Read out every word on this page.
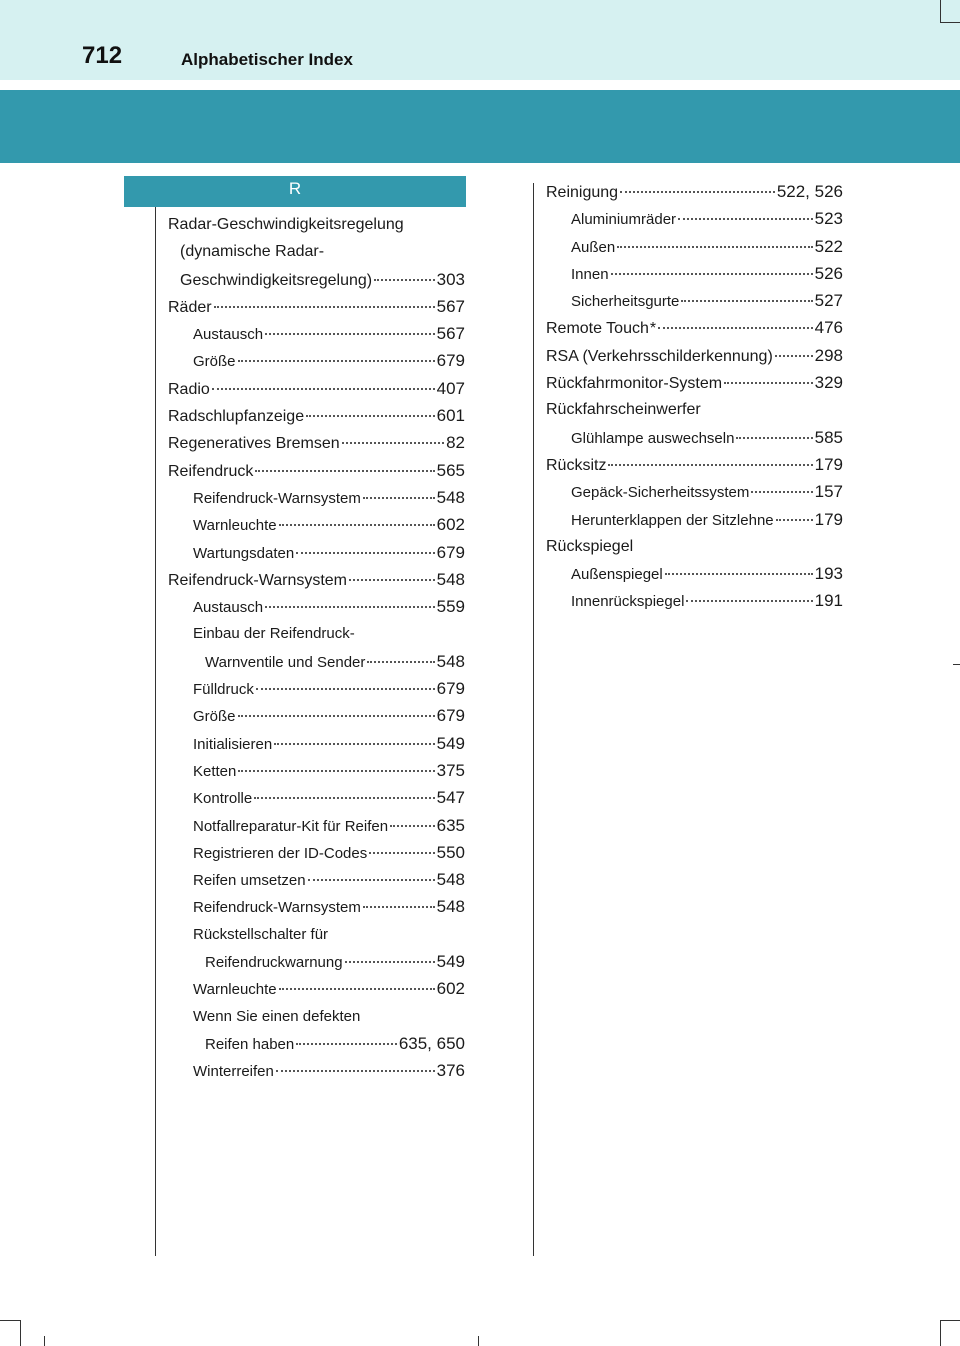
712	Alphabetischer Index
R
Radar-Geschwindigkeitsregelung
(dynamische Radar-
Geschwindigkeitsregelung)	303
Räder	567
Austausch	567
Größe	679
Radio	407
Radschlupfanzeige	601
Regeneratives Bremsen	82
Reifendruck	565
Reifendruck-Warnsystem	548
Warnleuchte	602
Wartungsdaten	679
Reifendruck-Warnsystem	548
Austausch	559
Einbau der Reifendruck-
Warnventile und Sender	548
Fülldruck	679
Größe	679
Initialisieren	549
Ketten	375
Kontrolle	547
Notfallreparatur-Kit für Reifen	635
Registrieren der ID-Codes	550
Reifen umsetzen	548
Reifendruck-Warnsystem	548
Rückstellschalter für
Reifendruckwarnung	549
Warnleuchte	602
Wenn Sie einen defekten
Reifen haben	635, 650
Winterreifen	376
Reinigung	522, 526
Aluminiumräder	523
Außen	522
Innen	526
Sicherheitsgurte	527
Remote Touch *	476
RSA (Verkehrsschilderkennung) 298
Rückfahrmonitor-System	329
Rückfahrscheinwerfer
Glühlampe auswechseln	585
Rücksitz	179
Gepäck-Sicherheitssystem	157
Herunterklappen der Sitzlehne 179
Rückspiegel
Außenspiegel	193
Innenrückspiegel	191
